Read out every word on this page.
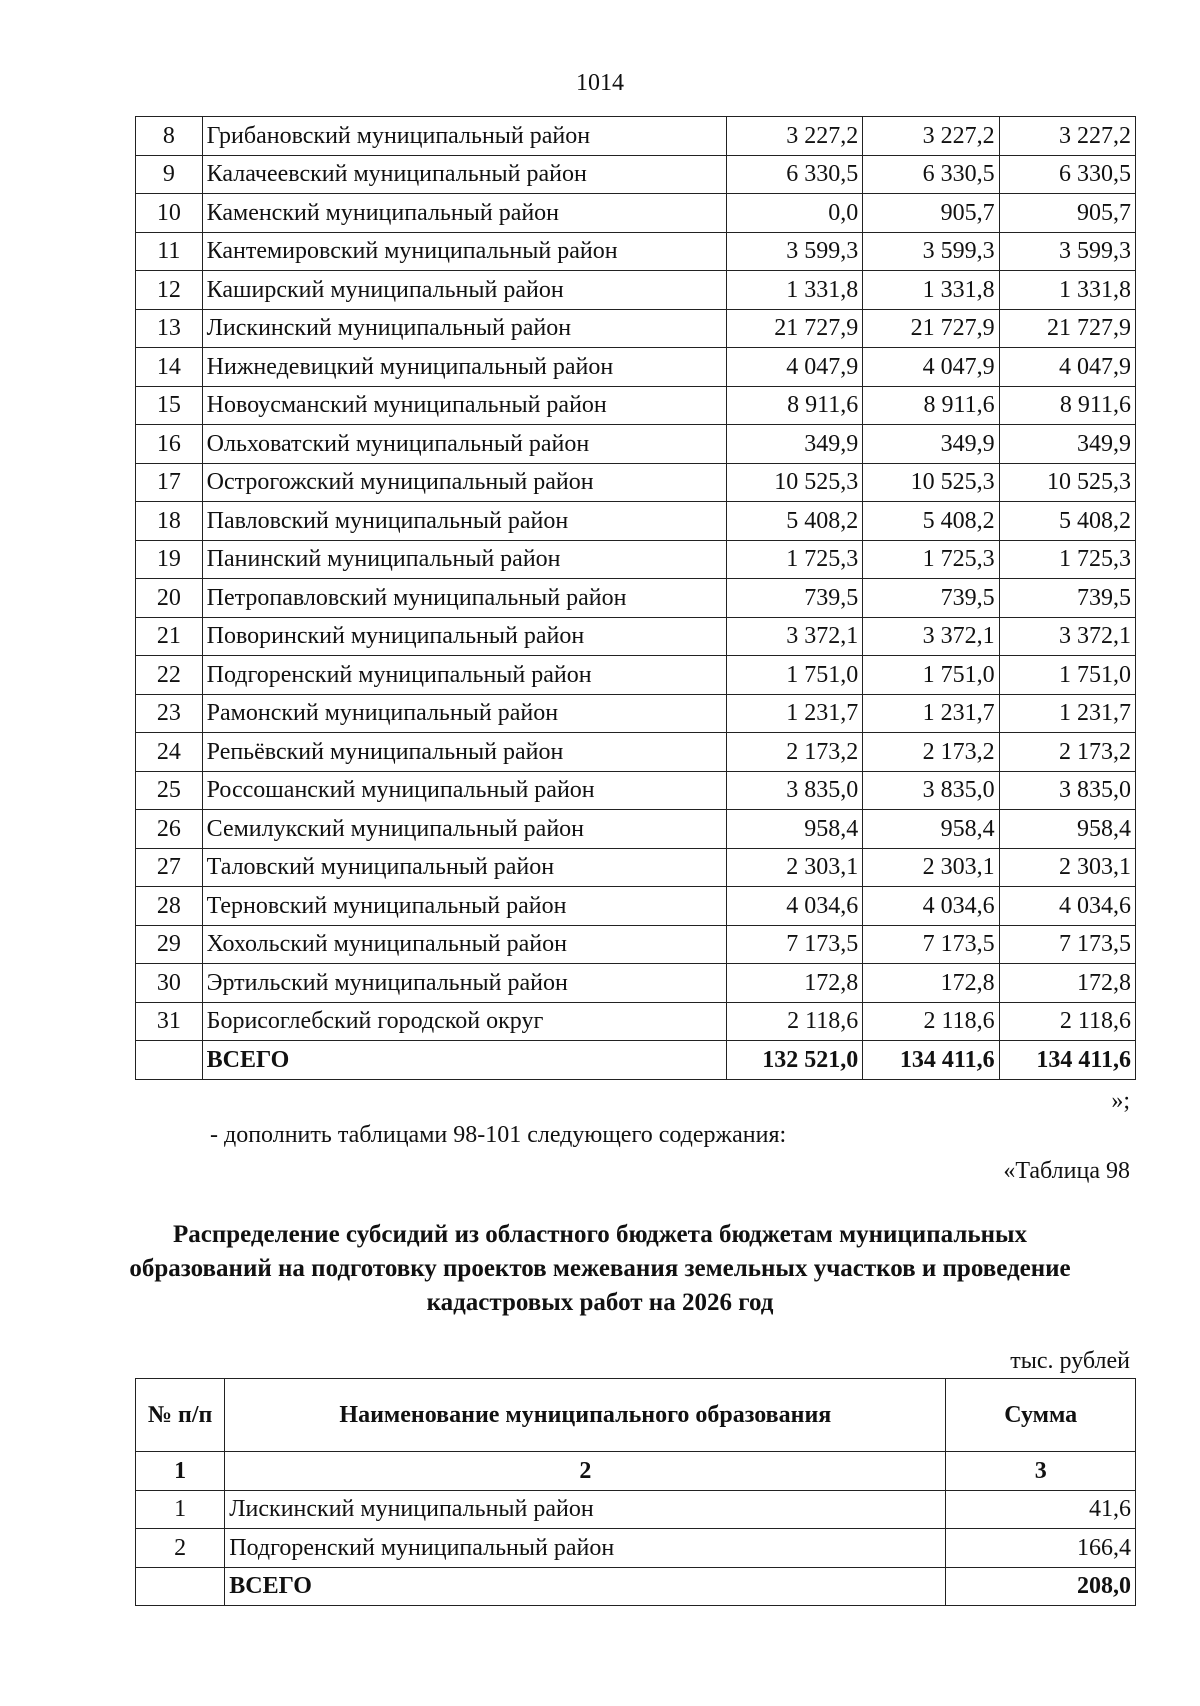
1014
8	Грибановский муниципальный район	3 227,2	3 227,2	3 227,2
9	Калачеевский муниципальный район	6 330,5	6 330,5	6 330,5
10	Каменский муниципальный район	0,0	905,7	905,7
11	Кантемировский муниципальный район	3 599,3	3 599,3	3 599,3
12	Каширский муниципальный район	1 331,8	1 331,8	1 331,8
13	Лискинский муниципальный район	21 727,9	21 727,9	21 727,9
14	Нижнедевицкий муниципальный район	4 047,9	4 047,9	4 047,9
15	Новоусманский муниципальный район	8 911,6	8 911,6	8 911,6
16	Ольховатский муниципальный район	349,9	349,9	349,9
17	Острогожский муниципальный район	10 525,3	10 525,3	10 525,3
18	Павловский муниципальный район	5 408,2	5 408,2	5 408,2
19	Панинский муниципальный район	1 725,3	1 725,3	1 725,3
20	Петропавловский муниципальный район	739,5	739,5	739,5
21	Поворинский муниципальный район	3 372,1	3 372,1	3 372,1
22	Подгоренский муниципальный район	1 751,0	1 751,0	1 751,0
23	Рамонский муниципальный район	1 231,7	1 231,7	1 231,7
24	Репьёвский муниципальный район	2 173,2	2 173,2	2 173,2
25	Россошанский муниципальный район	3 835,0	3 835,0	3 835,0
26	Семилукский муниципальный район	958,4	958,4	958,4
27	Таловский муниципальный район	2 303,1	2 303,1	2 303,1
28	Терновский муниципальный район	4 034,6	4 034,6	4 034,6
29	Хохольский муниципальный район	7 173,5	7 173,5	7 173,5
30	Эртильский муниципальный район	172,8	172,8	172,8
31	Борисоглебский городской округ	2 118,6	2 118,6	2 118,6
	ВСЕГО	132 521,0	134 411,6	134 411,6
»;
- дополнить таблицами 98-101 следующего содержания:
«Таблица 98
Распределение субсидий из областного бюджета бюджетам муниципальных образований на подготовку проектов межевания земельных участков и проведение кадастровых работ на 2026 год
тыс. рублей
№ п/п	Наименование муниципального образования	Сумма
1	2	3
1	Лискинский муниципальный район	41,6
2	Подгоренский муниципальный район	166,4
	ВСЕГО	208,0
